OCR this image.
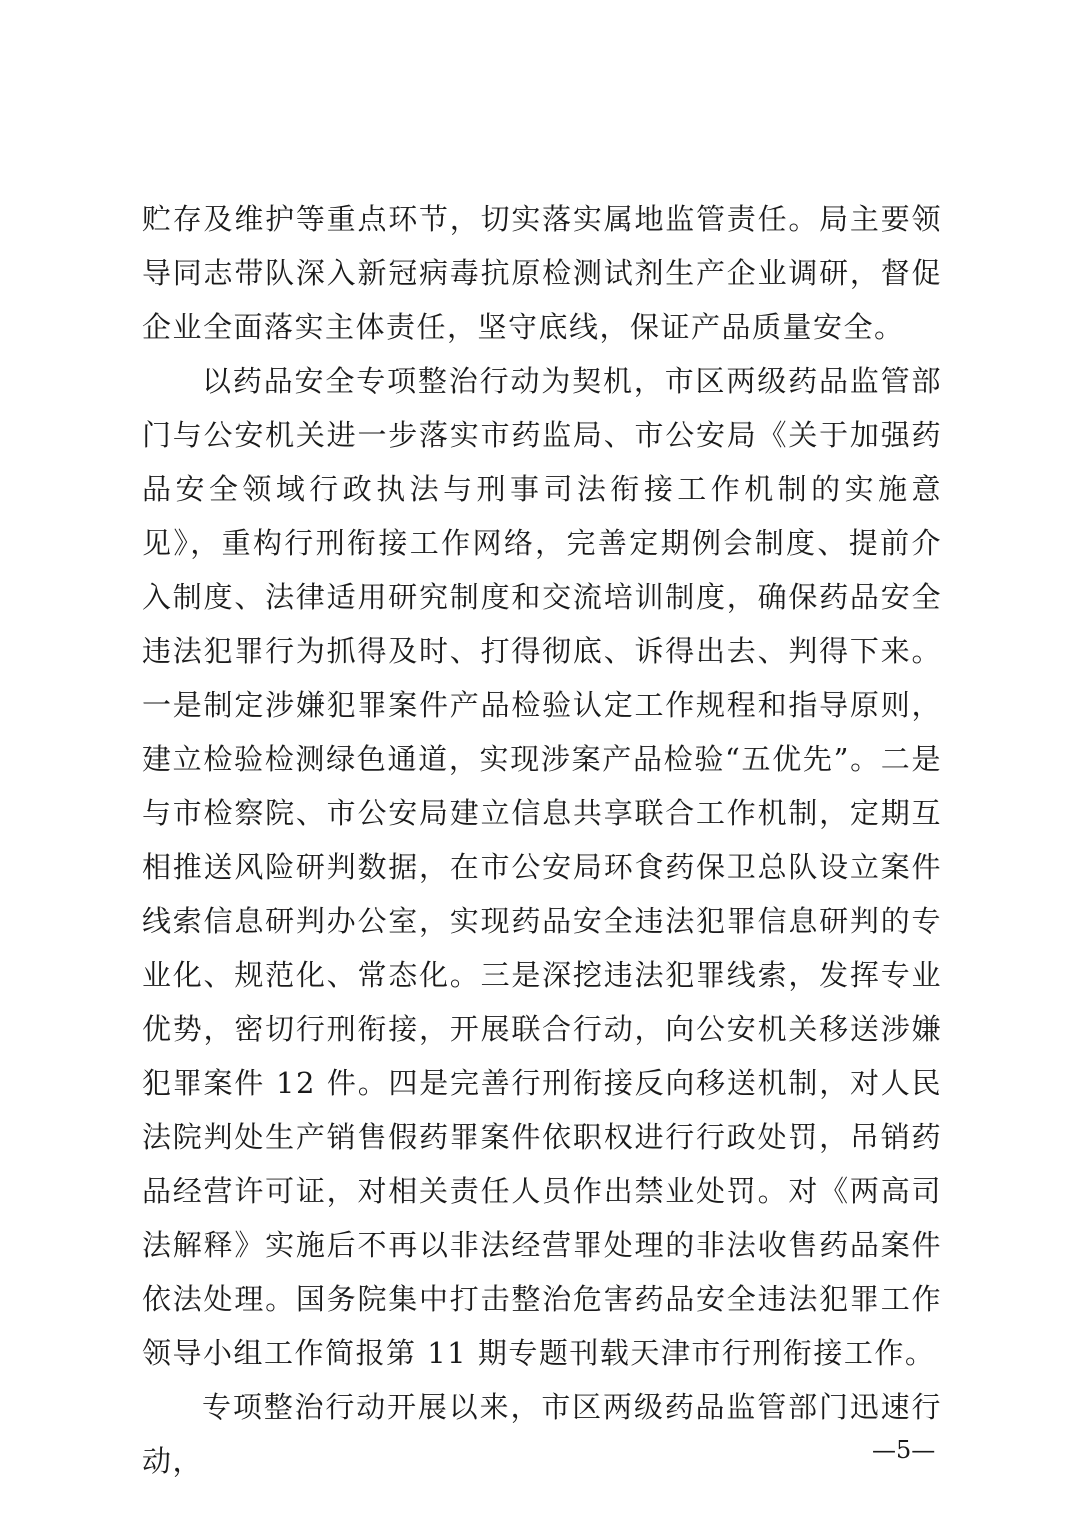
贮存及维护等重点环节，切实落实属地监管责任。局主要领导同志带队深入新冠病毒抗原检测试剂生产企业调研，督促企业全面落实主体责任，坚守底线，保证产品质量安全。

以药品安全专项整治行动为契机，市区两级药品监管部门与公安机关进一步落实市药监局、市公安局《关于加强药品安全领域行政执法与刑事司法衔接工作机制的实施意见》，重构行刑衔接工作网络，完善定期例会制度、提前介入制度、法律适用研究制度和交流培训制度，确保药品安全违法犯罪行为抓得及时、打得彻底、诉得出去、判得下来。一是制定涉嫌犯罪案件产品检验认定工作规程和指导原则，建立检验检测绿色通道，实现涉案产品检验“五优先”。二是与市检察院、市公安局建立信息共享联合工作机制，定期互相推送风险研判数据，在市公安局环食药保卫总队设立案件线索信息研判办公室，实现药品安全违法犯罪信息研判的专业化、规范化、常态化。三是深挖违法犯罪线索，发挥专业优势，密切行刑衔接，开展联合行动，向公安机关移送涉嫌犯罪案件 12 件。四是完善行刑衔接反向移送机制，对人民法院判处生产销售假药罪案件依职权进行行政处罚，吊销药品经营许可证，对相关责任人员作出禁业处罚。对《两高司法解释》实施后不再以非法经营罪处理的非法收售药品案件依法处理。国务院集中打击整治危害药品安全违法犯罪工作领导小组工作简报第 11 期专题刊载天津市行刑衔接工作。

专项整治行动开展以来，市区两级药品监管部门迅速行动，	—5—
